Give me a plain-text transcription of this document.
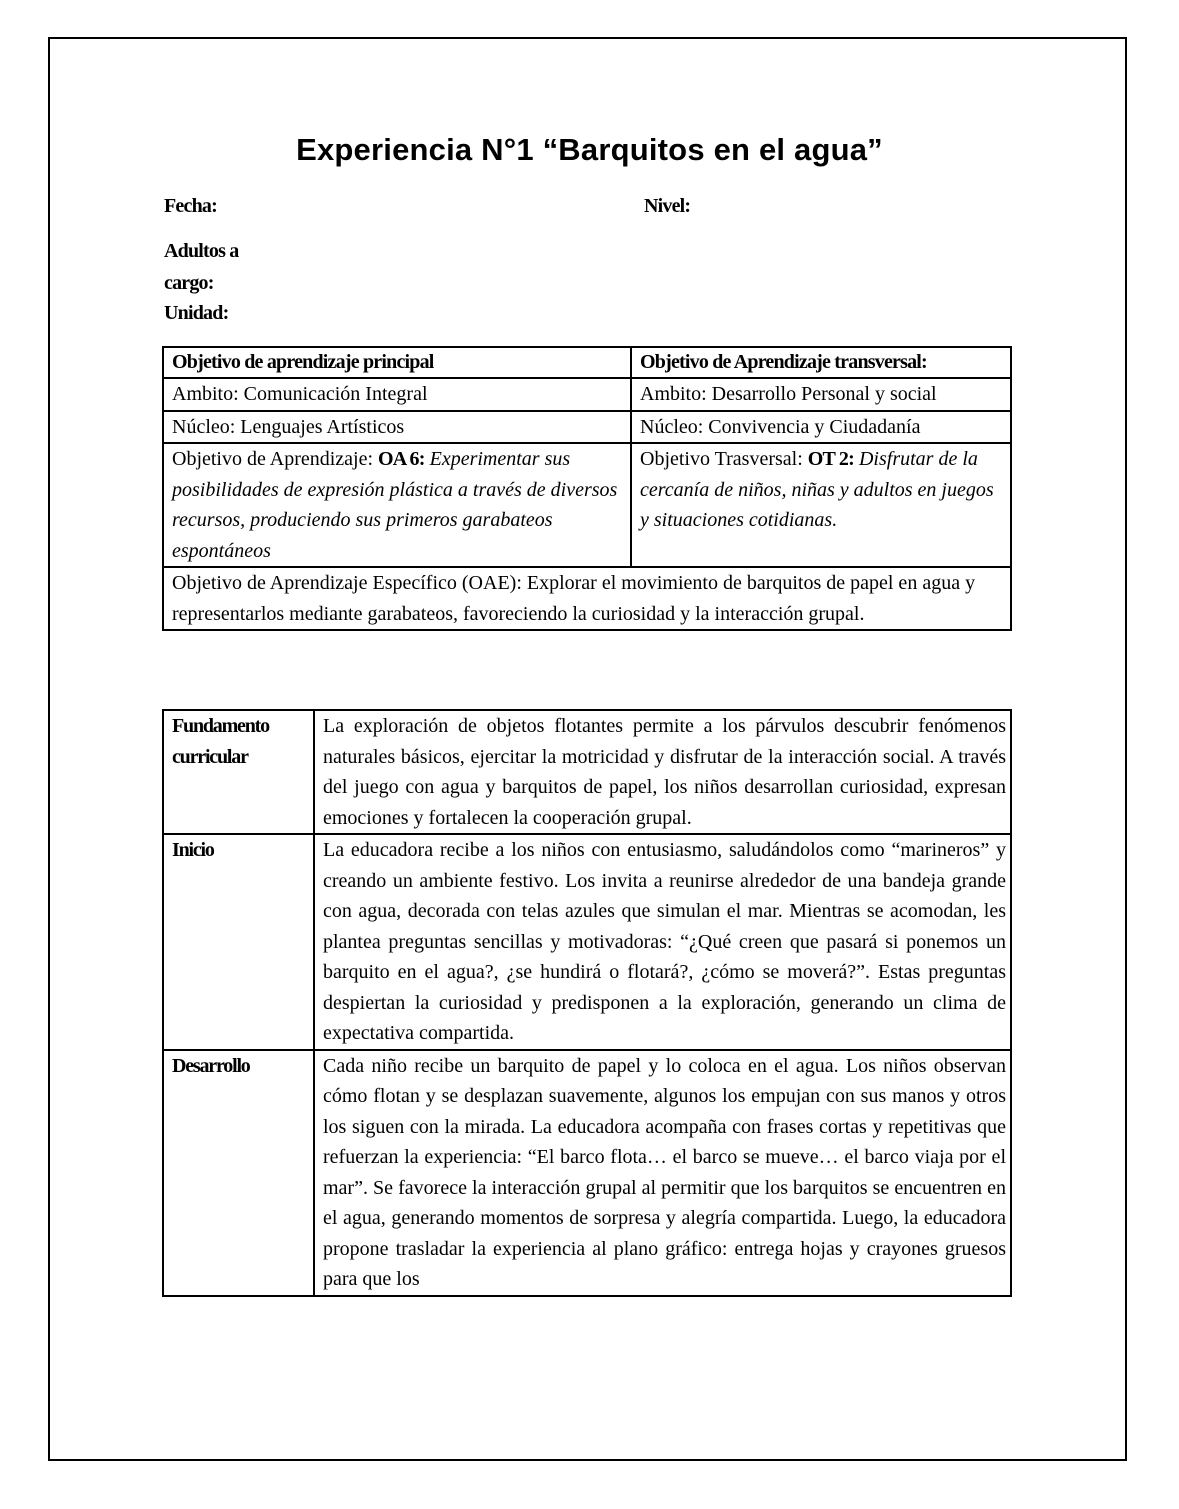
Experiencia N°1 “Barquitos en el agua”
Fecha:	Nivel:
Adultos a
cargo:
Unidad:
Objetivo de aprendizaje principal	Objetivo de Aprendizaje transversal:
Ambito: Comunicación Integral	Ambito: Desarrollo Personal y social
Núcleo: Lenguajes Artísticos	Núcleo: Convivencia y Ciudadanía
Objetivo de Aprendizaje: OA 6: Experimentar sus posibilidades de expresión plástica a través de diversos recursos, produciendo sus primeros garabateos espontáneos	Objetivo Trasversal: OT 2: Disfrutar de la cercanía de niños, niñas y adultos en juegos y situaciones cotidianas.
Objetivo de Aprendizaje Específico (OAE): Explorar el movimiento de barquitos de papel en agua y representarlos mediante garabateos, favoreciendo la curiosidad y la interacción grupal.	
Fundamento curricular	La exploración de objetos flotantes permite a los párvulos descubrir fenómenos naturales básicos, ejercitar la motricidad y disfrutar de la interacción social. A través del juego con agua y barquitos de papel, los niños desarrollan curiosidad, expresan emociones y fortalecen la cooperación grupal.
Inicio	La educadora recibe a los niños con entusiasmo, saludándolos como “marineros” y creando un ambiente festivo. Los invita a reunirse alrededor de una bandeja grande con agua, decorada con telas azules que simulan el mar. Mientras se acomodan, les plantea preguntas sencillas y motivadoras: “¿Qué creen que pasará si ponemos un barquito en el agua?, ¿se hundirá o flotará?, ¿cómo se moverá?”. Estas preguntas despiertan la curiosidad y predisponen a la exploración, generando un clima de expectativa compartida.
Desarrollo	Cada niño recibe un barquito de papel y lo coloca en el agua. Los niños observan cómo flotan y se desplazan suavemente, algunos los empujan con sus manos y otros los siguen con la mirada. La educadora acompaña con frases cortas y repetitivas que refuerzan la experiencia: “El barco flota… el barco se mueve… el barco viaja por el mar”. Se favorece la interacción grupal al permitir que los barquitos se encuentren en el agua, generando momentos de sorpresa y alegría compartida. Luego, la educadora propone trasladar la experiencia al plano gráfico: entrega hojas y crayones gruesos para que los
